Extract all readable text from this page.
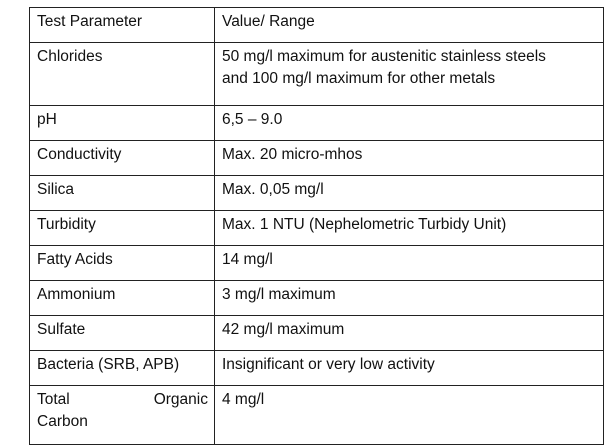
Test Parameter	Value/ Range
Chlorides	50 mg/l maximum for austenitic stainless steels
and 100 mg/l maximum for other metals
pH	6,5 – 9.0
Conductivity	Max. 20 micro-mhos
Silica	Max. 0,05 mg/l
Turbidity	Max. 1 NTU (Nephelometric Turbidy Unit)
Fatty Acids	14 mg/l
Ammonium	3 mg/l maximum
Sulfate	42 mg/l maximum
Bacteria (SRB, APB)	Insignificant or very low activity

Total Organic
Carbon	4 mg/l
